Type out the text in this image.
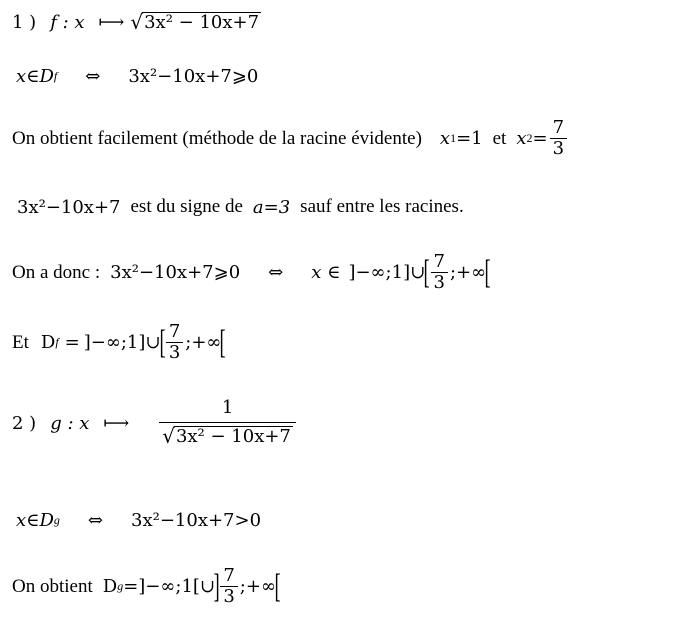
1 ) f : x ⟼ √ 3x² − 10x+7
x∈D f ⇔ 3x²−10x+7⩾0
On obtient facilement (méthode de la racine évidente) x 1 =1 et x $2 = \frac{7}{3}$
3x²−10x+7 est du signe de a=3 sauf entre les racines.
On a donc : 3x²−10x+7⩾0 ⇔ x ∈ ]−∞;1]∪
[ $\frac{7}{3}$ ;+∞
[
Et D f = ]−∞;1]∪
[ $\frac{7}{3}$ ;+∞
[
2 ) g : x ⟼ $\frac{1}{\text{√ 3x² − 10x+7}}$
x∈D g ⇔ 3x²−10x+7>0
On obtient D g = ]−∞;1[∪
] $\frac{7}{3}$ ;+∞
[
